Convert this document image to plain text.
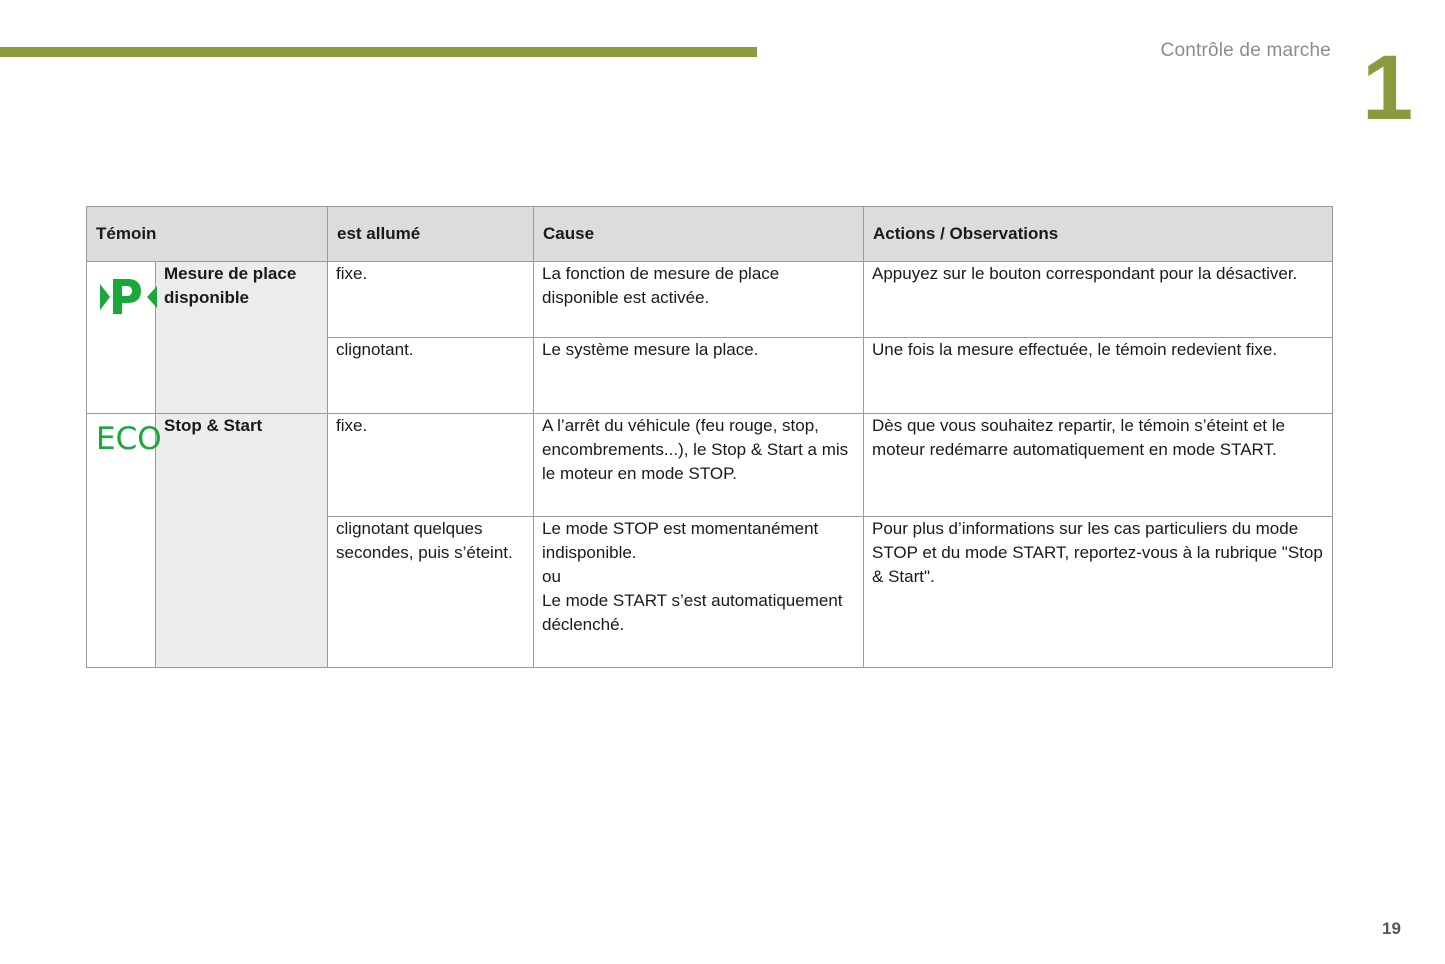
Contrôle de marche 1
Témoin		est allumé	Cause	Actions / Observations

	Mesure de place disponible	fixe.	La fonction de mesure de place disponible est activée.	Appuyez sur le bouton correspondant pour la désactiver.
		clignotant.	Le système mesure la place.	Une fois la mesure effectuée, le témoin redevient fixe.

ECO	Stop & Start	fixe.	A l’arrêt du véhicule (feu rouge, stop, encombrements...), le Stop & Start a mis le moteur en mode STOP.	Dès que vous souhaitez repartir, le témoin s’éteint et le moteur redémarre automatiquement en mode START.
		clignotant quelques secondes, puis s’éteint.	Le mode STOP est momentanément indisponible.
ou
Le mode START s’est automatiquement déclenché.	Pour plus d’informations sur les cas particuliers du mode STOP et du mode START, reportez-vous à la rubrique "Stop & Start".
19
